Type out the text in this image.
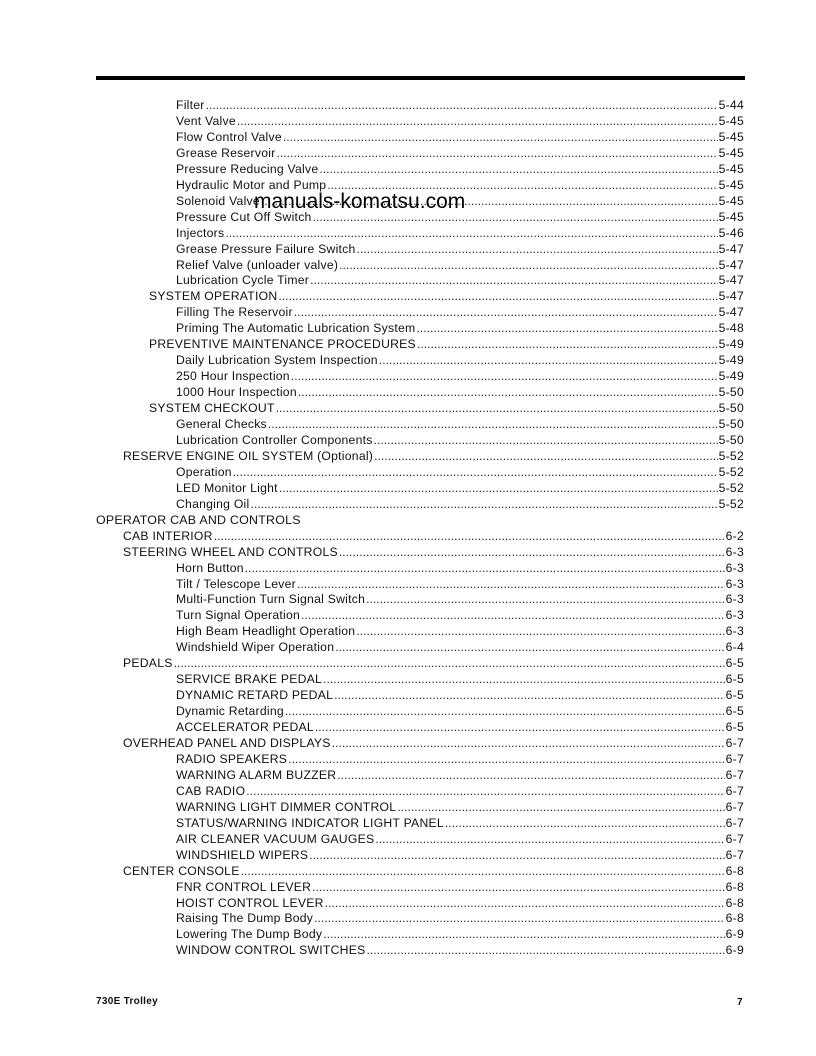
Filter .....	5-44
Vent Valve .....	5-45
Flow Control Valve .....	5-45
Grease Reservoir .....	5-45
Pressure Reducing Valve .....	5-45
Hydraulic Motor and Pump .....	5-45
Solenoid Valve .....	5-45
Pressure Cut Off Switch .....	5-45
Injectors .....	5-46
Grease Pressure Failure Switch .....	5-47
Relief Valve (unloader valve) .....	5-47
Lubrication Cycle Timer .....	5-47
SYSTEM OPERATION .....	5-47
Filling The Reservoir .....	5-47
Priming The Automatic Lubrication System .....	5-48
PREVENTIVE MAINTENANCE PROCEDURES .....	5-49
Daily Lubrication System Inspection .....	5-49
250 Hour Inspection .....	5-49
1000 Hour Inspection .....	5-50
SYSTEM CHECKOUT .....	5-50
General Checks .....	5-50
Lubrication Controller Components .....	5-50
RESERVE ENGINE OIL SYSTEM (Optional) .....	5-52
Operation .....	5-52
LED Monitor Light .....	5-52
Changing Oil .....	5-52
OPERATOR CAB AND CONTROLS
CAB INTERIOR .....	6-2
STEERING WHEEL AND CONTROLS .....	6-3
Horn Button .....	6-3
Tilt / Telescope Lever .....	6-3
Multi-Function Turn Signal Switch .....	6-3
Turn Signal Operation .....	6-3
High Beam Headlight Operation .....	6-3
Windshield Wiper Operation .....	6-4
PEDALS .....	6-5
SERVICE BRAKE PEDAL .....	6-5
DYNAMIC RETARD PEDAL .....	6-5
Dynamic Retarding .....	6-5
ACCELERATOR PEDAL .....	6-5
OVERHEAD PANEL AND DISPLAYS .....	6-7
RADIO SPEAKERS .....	6-7
WARNING ALARM BUZZER .....	6-7
CAB RADIO .....	6-7
WARNING LIGHT DIMMER CONTROL .....	6-7
STATUS/WARNING INDICATOR LIGHT PANEL .....	6-7
AIR CLEANER VACUUM GAUGES .....	6-7
WINDSHIELD WIPERS .....	6-7
CENTER CONSOLE .....	6-8
FNR CONTROL LEVER .....	6-8
HOIST CONTROL LEVER .....	6-8
Raising The Dump Body .....	6-8
Lowering The Dump Body .....	6-9
WINDOW CONTROL SWITCHES .....	6-9
manuals-komatsu.com
730E Trolley	7
